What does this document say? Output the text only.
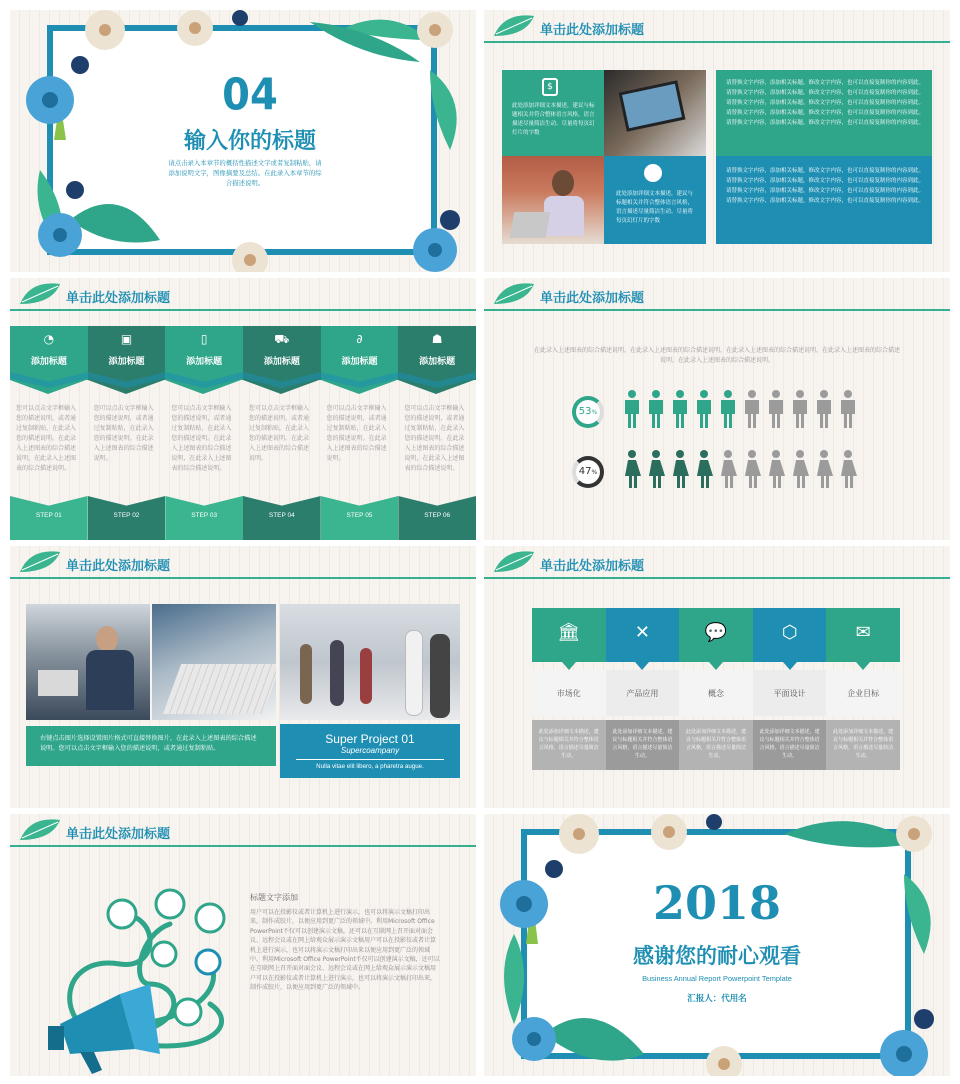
04
输入你的标题
请点击录入本章节的概括性描述文字或者复制粘贴，请添加说明文字，图像摘要及总结。在此录入本章节的综合描述说明。
单击此处添加标题
$
此处添加详细文本描述，建议与标题相关并符合整体语言风格，语言描述尽量简洁生动。尽量将每页幻灯片的字数
此处添加详细文本描述，建议与标题相关并符合整体语言风格，语言描述尽量简洁生动。尽量将每页幻灯片的字数
请替换文字内容，添加相关标题，修改文字内容，也可以直接复制你的内容到此。请替换文字内容，添加相关标题，修改文字内容，也可以直接复制你的内容到此。请替换文字内容，添加相关标题，修改文字内容，也可以直接复制你的内容到此。请替换文字内容，添加相关标题，修改文字内容，也可以直接复制你的内容到此。请替换文字内容，添加相关标题，修改文字内容，也可以直接复制你的内容到此。
请替换文字内容，添加相关标题，修改文字内容，也可以直接复制你的内容到此。请替换文字内容，添加相关标题，修改文字内容，也可以直接复制你的内容到此。请替换文字内容，添加相关标题，修改文字内容，也可以直接复制你的内容到此。请替换文字内容，添加相关标题，修改文字内容，也可以直接复制你的内容到此。
单击此处添加标题
◔
添加标题
您可以点击文字框输入您的描述说明，或者通过复制粘贴，在此录入您的描述说明。在此录入上述图表的综合描述说明，在此录入上述图表的综合描述说明。
STEP 01
▣
添加标题
您可以点击文字框输入您的描述说明，或者通过复制粘贴，在此录入您的描述说明。在此录入上述图表的综合描述说明。
STEP 02
▯
添加标题
您可以点击文字框输入您的描述说明，或者通过复制粘贴，在此录入您的描述说明。在此录入上述图表的综合描述说明，在此录入上述图表的综合描述说明。
STEP 03
⛟
添加标题
您可以点击文字框输入您的描述说明，或者通过复制粘贴，在此录入您的描述说明。在此录入上述图表的综合描述说明。
STEP 04
∂
添加标题
您可以点击文字框输入您的描述说明，或者通过复制粘贴，在此录入您的描述说明。在此录入上述图表的综合描述说明。
STEP 05
☗
添加标题
您可以点击文字框输入您的描述说明，或者通过复制粘贴，在此录入您的描述说明。在此录入上述图表的综合描述说明，在此录入上述图表的综合描述说明。
STEP 06
单击此处添加标题
在此录入上述图表的综合描述说明，在此录入上述图表的综合描述说明，在此录入上述图表的综合描述说明，在此录入上述图表的综合描述说明，在此录入上述图表的综合描述说明。
53%
47%
单击此处添加标题
右键点击图片选择设置图片格式可直接替换图片，在此录入上述图表的综合描述说明。您可以点击文字框输入您的描述说明，或者通过复制粘贴。
Super Project 01
Supercoampany
Nulla vitae elit libero, a pharetra augue.
单击此处添加标题
🏛
市场化
此处添加详细文本描述，建议与标题相关并符合整体语言风格，语言描述尽量简洁生动。
✕
产品应用
此处添加详细文本描述，建议与标题相关并符合整体语言风格，语言描述尽量简洁生动。
💬
概念
此处添加详细文本描述，建议与标题相关并符合整体语言风格，语言描述尽量简洁生动。
⬡
平面设计
此处添加详细文本描述，建议与标题相关并符合整体语言风格，语言描述尽量简洁生动。
✉
企业目标
此处添加详细文本描述，建议与标题相关并符合整体语言风格，语言描述尽量简洁生动。
单击此处添加标题
标题文字添加
用户可以在投影仪或者计算机上进行演示，也可以将演示文稿打印出来，制作成胶片，以便应用到更广泛的领域中。利用Microsoft Office PowerPoint不仅可以创建演示文稿，还可以在互联网上召开面对面会议、远程会议或在网上给观众展示演示文稿用户可以在投影仪或者计算机上进行演示，也可以将演示文稿打印出来以便应用到更广泛的领域中。利用Microsoft Office PowerPoint不仅可以创建演示文稿，还可以在互联网上召开面对面会议、远程会议或在网上给观众展示演示文稿用户可以在投影仪或者计算机上进行演示，也可以将演示文稿打印出来，制作成胶片，以便应用到更广泛的领域中。
2018
感谢您的耐心观看
Business Annual Report Powerpoint Template
汇报人：代用名
